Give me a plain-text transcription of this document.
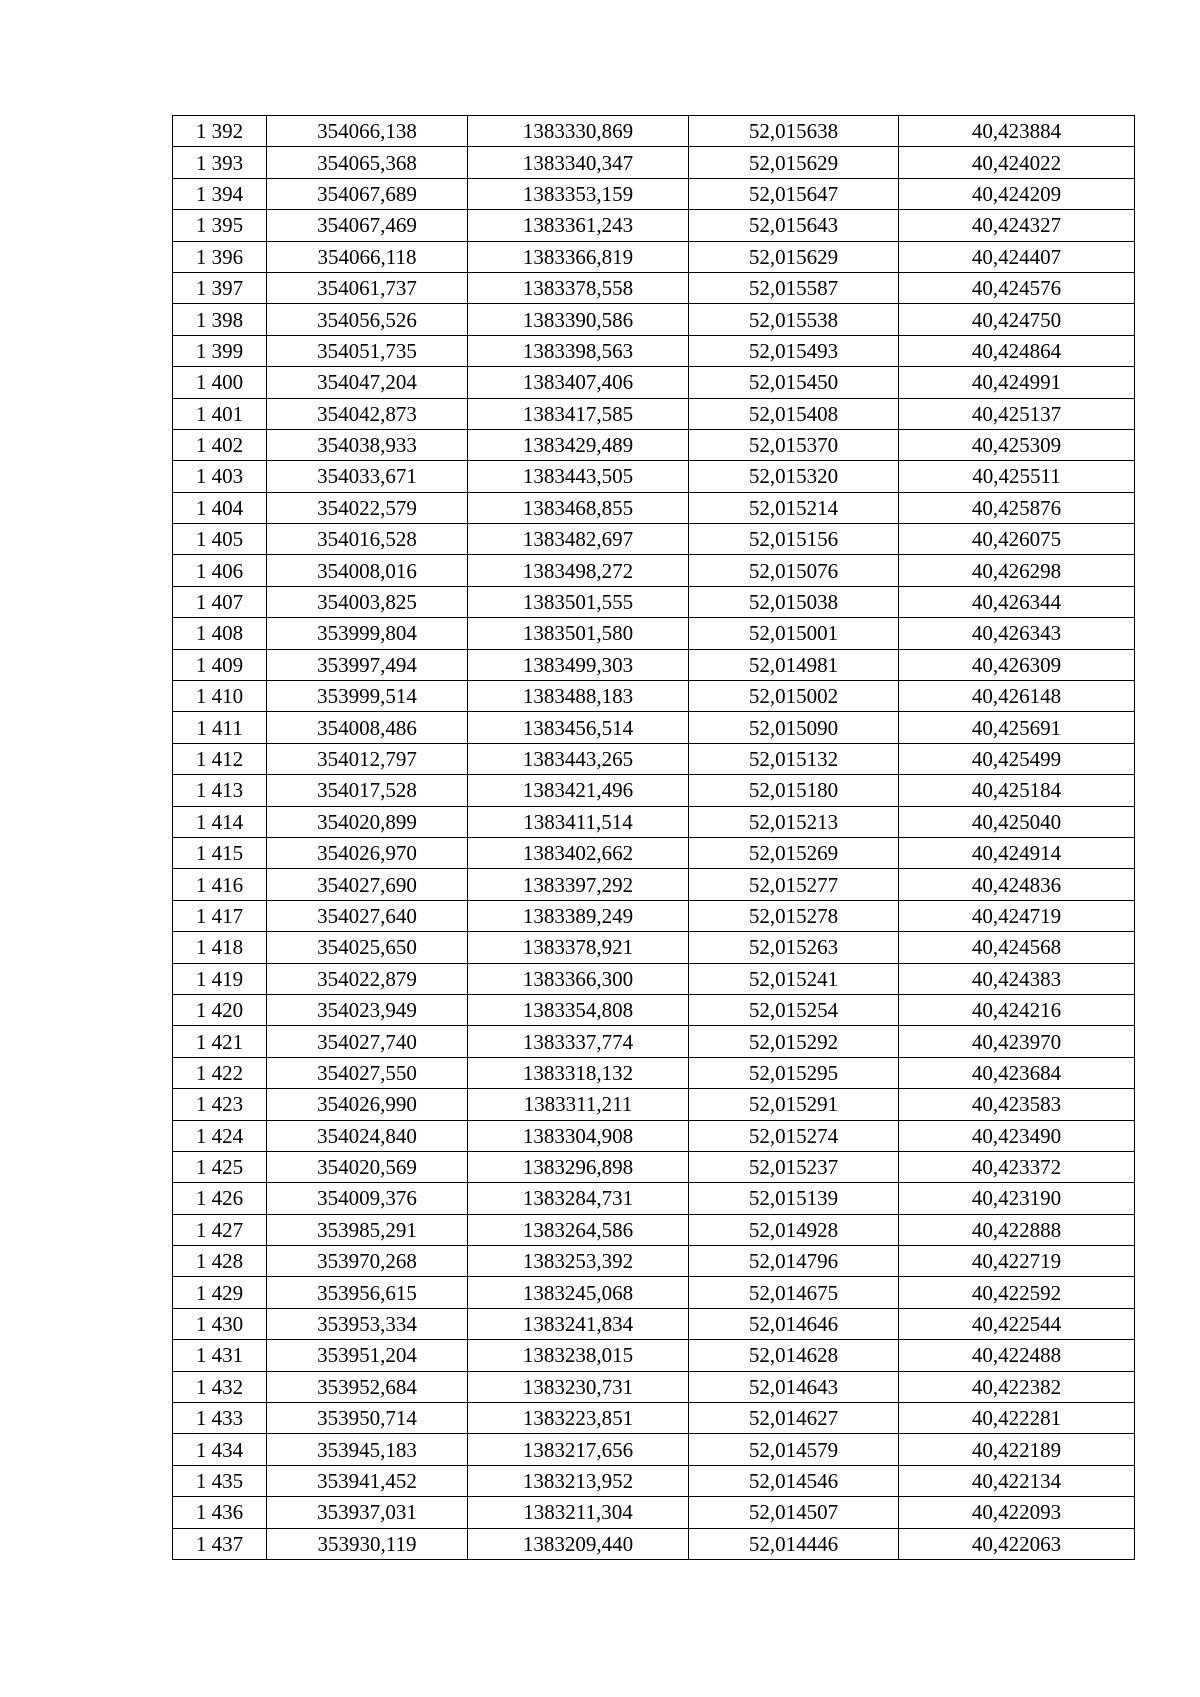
1 392	354066,138	1383330,869	52,015638	40,423884
1 393	354065,368	1383340,347	52,015629	40,424022
1 394	354067,689	1383353,159	52,015647	40,424209
1 395	354067,469	1383361,243	52,015643	40,424327
1 396	354066,118	1383366,819	52,015629	40,424407
1 397	354061,737	1383378,558	52,015587	40,424576
1 398	354056,526	1383390,586	52,015538	40,424750
1 399	354051,735	1383398,563	52,015493	40,424864
1 400	354047,204	1383407,406	52,015450	40,424991
1 401	354042,873	1383417,585	52,015408	40,425137
1 402	354038,933	1383429,489	52,015370	40,425309
1 403	354033,671	1383443,505	52,015320	40,425511
1 404	354022,579	1383468,855	52,015214	40,425876
1 405	354016,528	1383482,697	52,015156	40,426075
1 406	354008,016	1383498,272	52,015076	40,426298
1 407	354003,825	1383501,555	52,015038	40,426344
1 408	353999,804	1383501,580	52,015001	40,426343
1 409	353997,494	1383499,303	52,014981	40,426309
1 410	353999,514	1383488,183	52,015002	40,426148
1 411	354008,486	1383456,514	52,015090	40,425691
1 412	354012,797	1383443,265	52,015132	40,425499
1 413	354017,528	1383421,496	52,015180	40,425184
1 414	354020,899	1383411,514	52,015213	40,425040
1 415	354026,970	1383402,662	52,015269	40,424914
1 416	354027,690	1383397,292	52,015277	40,424836
1 417	354027,640	1383389,249	52,015278	40,424719
1 418	354025,650	1383378,921	52,015263	40,424568
1 419	354022,879	1383366,300	52,015241	40,424383
1 420	354023,949	1383354,808	52,015254	40,424216
1 421	354027,740	1383337,774	52,015292	40,423970
1 422	354027,550	1383318,132	52,015295	40,423684
1 423	354026,990	1383311,211	52,015291	40,423583
1 424	354024,840	1383304,908	52,015274	40,423490
1 425	354020,569	1383296,898	52,015237	40,423372
1 426	354009,376	1383284,731	52,015139	40,423190
1 427	353985,291	1383264,586	52,014928	40,422888
1 428	353970,268	1383253,392	52,014796	40,422719
1 429	353956,615	1383245,068	52,014675	40,422592
1 430	353953,334	1383241,834	52,014646	40,422544
1 431	353951,204	1383238,015	52,014628	40,422488
1 432	353952,684	1383230,731	52,014643	40,422382
1 433	353950,714	1383223,851	52,014627	40,422281
1 434	353945,183	1383217,656	52,014579	40,422189
1 435	353941,452	1383213,952	52,014546	40,422134
1 436	353937,031	1383211,304	52,014507	40,422093
1 437	353930,119	1383209,440	52,014446	40,422063
